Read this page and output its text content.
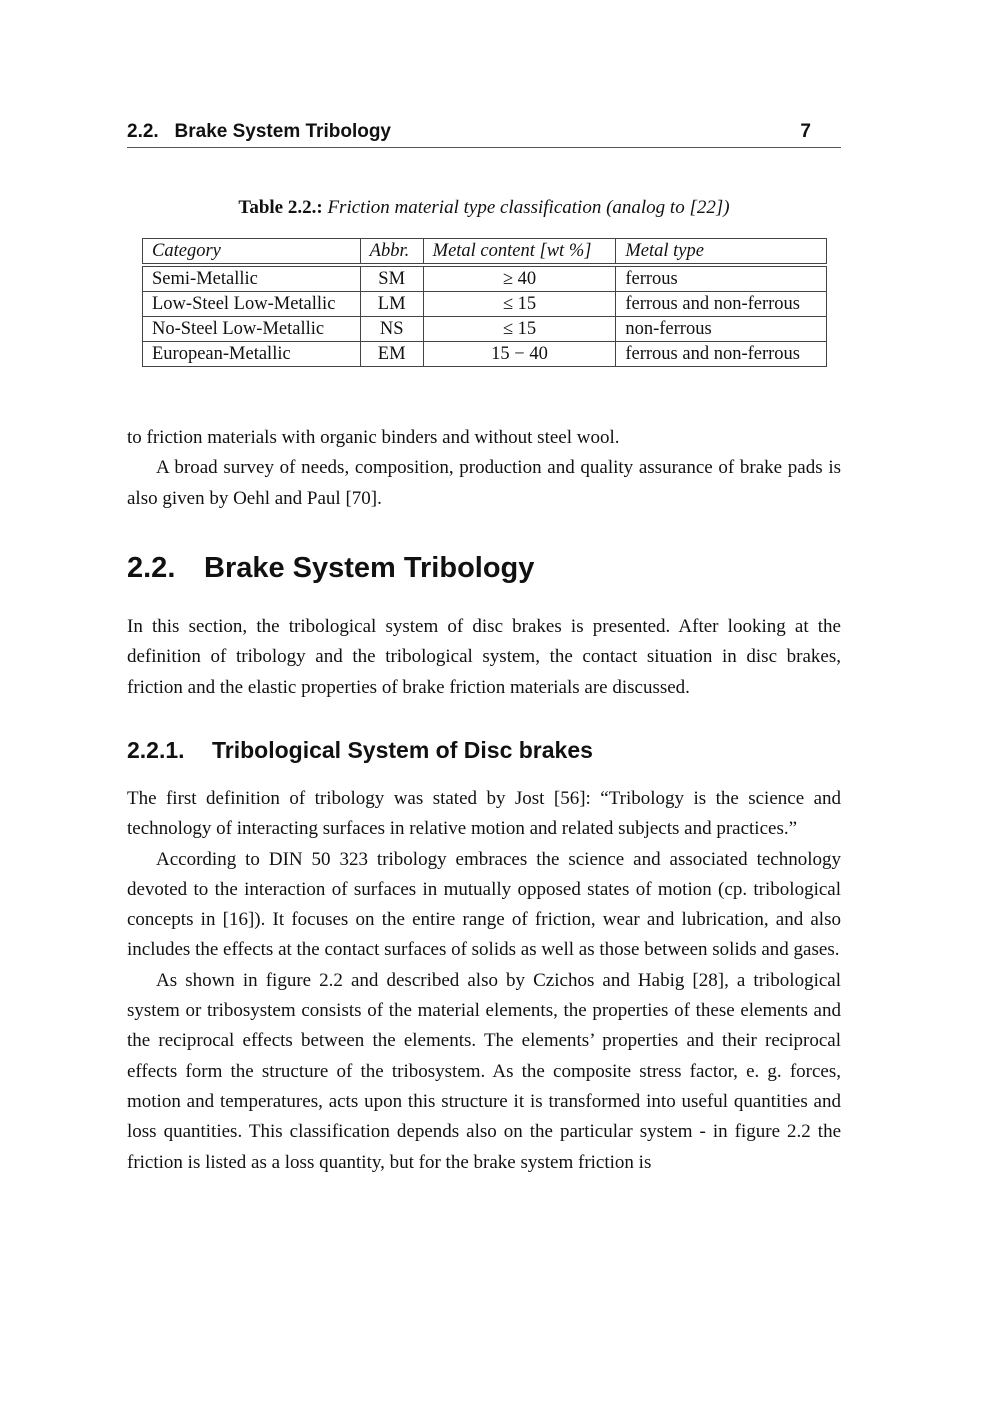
2.2.   Brake System Tribology	7
Table 2.2.: Friction material type classification (analog to [22])
Category	Abbr.	Metal content [wt %]	Metal type
Semi-Metallic	SM	≥ 40	ferrous
Low-Steel Low-Metallic	LM	≤ 15	ferrous and non-ferrous
No-Steel Low-Metallic	NS	≤ 15	non-ferrous
European-Metallic	EM	15 − 40	ferrous and non-ferrous

to friction materials with organic binders and without steel wool.

A broad survey of needs, composition, production and quality assurance of brake pads is also given by Oehl and Paul [70].

2.2. Brake System Tribology

In this section, the tribological system of disc brakes is presented. After looking at the definition of tribology and the tribological system, the contact situation in disc brakes, friction and the elastic properties of brake friction materials are discussed.

2.2.1. Tribological System of Disc brakes

The first definition of tribology was stated by Jost [56]: “Tribology is the science and technology of interacting surfaces in relative motion and related subjects and practices.”

According to DIN 50 323 tribology embraces the science and associated technology devoted to the interaction of surfaces in mutually opposed states of motion (cp. tribological concepts in [16]). It focuses on the entire range of friction, wear and lubrication, and also includes the effects at the contact surfaces of solids as well as those between solids and gases.

As shown in figure 2.2 and described also by Czichos and Habig [28], a tribological system or tribosystem consists of the material elements, the properties of these elements and the reciprocal effects between the elements. The elements’ properties and their reciprocal effects form the structure of the tribosystem. As the composite stress factor, e. g. forces, motion and temperatures, acts upon this structure it is transformed into useful quantities and loss quantities. This classification depends also on the particular system - in figure 2.2 the friction is listed as a loss quantity, but for the brake system friction is
